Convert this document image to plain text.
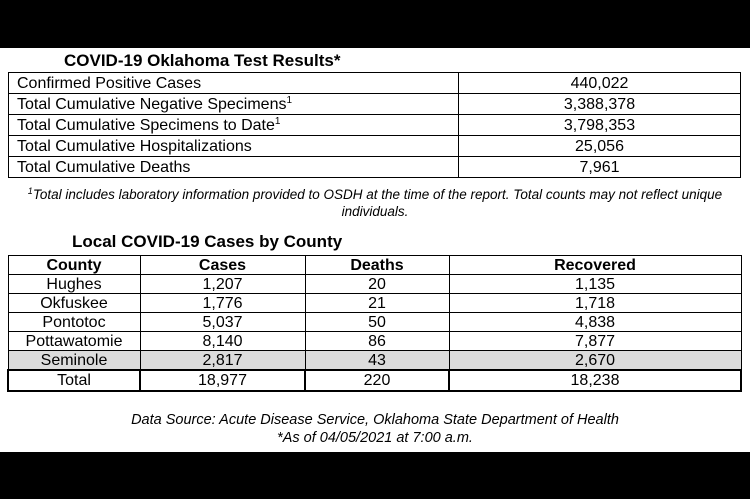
COVID-19 Oklahoma Test Results*
Confirmed Positive Cases	440,022
Total Cumulative Negative Specimens$^1$	3,388,378
Total Cumulative Specimens to Date$^1$	3,798,353
Total Cumulative Hospitalizations	25,056
Total Cumulative Deaths	7,961
$^1$Total includes laboratory information provided to OSDH at the time of the report. Total counts may not reflect unique individuals.
Local COVID-19 Cases by County
County	Cases	Deaths	Recovered
Hughes	1,207	20	1,135
Okfuskee	1,776	21	1,718
Pontotoc	5,037	50	4,838
Pottawatomie	8,140	86	7,877
Seminole	2,817	43	2,670
Total	18,977	220	18,238
Data Source: Acute Disease Service, Oklahoma State Department of Health
*As of 04/05/2021 at 7:00 a.m.
